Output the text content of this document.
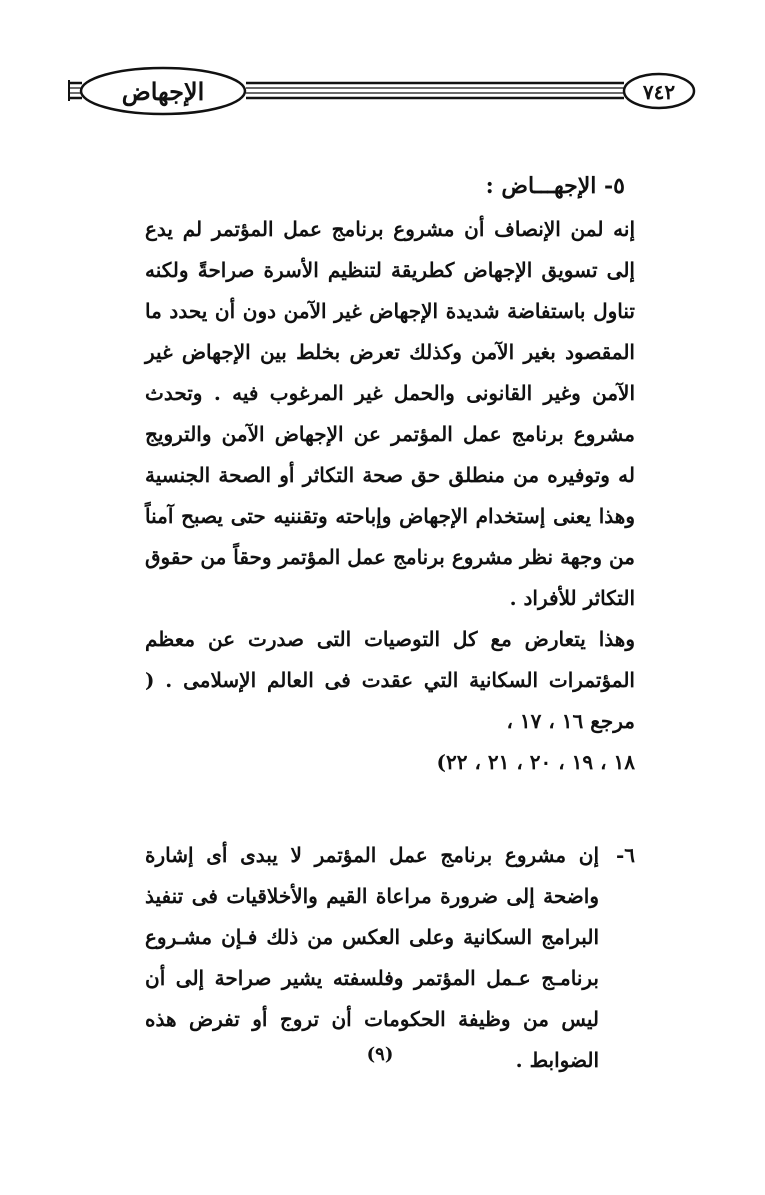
الإجهاض	٧٤٢
٥- الإجهـــاض :

إنه لمن الإنصاف أن مشروع برنامج عمل المؤتمر لم يدع إلى تسويق الإجهاض كطريقة لتنظيم الأسرة صراحةً ولكنه تناول باستفاضة شديدة الإجهاض غير الآمن دون أن يحدد ما المقصود بغير الآمن وكذلك تعرض بخلط بين الإجهاض غير الآمن وغير القانونى والحمل غير المرغوب فيه . وتحدث مشروع برنامج عمل المؤتمر عن الإجهاض الآمن والترويج له وتوفيره من منطلق حق صحة التكاثر أو الصحة الجنسية وهذا يعنى إستخدام الإجهاض وإباحته وتقننيه حتى يصبح آمناً من وجهة نظر مشروع برنامج عمل المؤتمر وحقاً من حقوق التكاثر للأفراد .

وهذا يتعارض مع كل التوصيات التى صدرت عن معظم المؤتمرات السكانية التي عقدت فى العالم الإسلامى . ( مرجع ١٦ ، ١٧ ،

١٨ ، ١٩ ، ٢٠ ، ٢١ ، ٢٢)

٦-
إن مشروع برنامج عمل المؤتمر لا يبدى أى إشارة واضحة إلى ضرورة مراعاة القيم والأخلاقيات فى تنفيذ البرامج السكانية وعلى العكس من ذلك فـإن مشـروع برنامـج عـمل المؤتمر وفلسفته يشير صراحة إلى أن ليس من وظيفة الحكومات أن تروج أو تفرض هذه الضوابط .
(٩)
